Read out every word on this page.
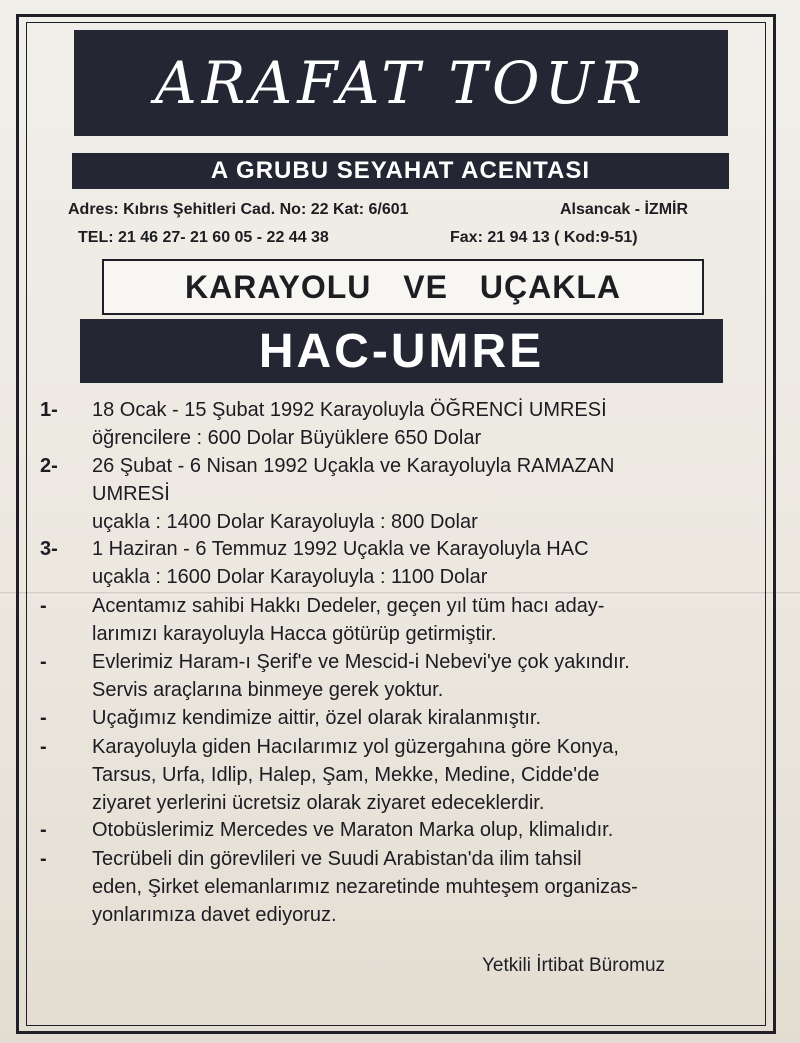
ARAFAT TOUR
A GRUBU SEYAHAT ACENTASI
Adres: Kıbrıs Şehitleri Cad. No: 22 Kat: 6/601	Alsancak - İZMİR
TEL: 21 46 27- 21 60 05 - 22 44 38	Fax: 21 94 13 ( Kod:9-51)
KARAYOLU VE UÇAKLA
HAC-UMRE
1- 18 Ocak - 15 Şubat 1992 Karayoluyla ÖĞRENCİ UMRESİ
öğrencilere : 600 Dolar Büyüklere 650 Dolar
2- 26 Şubat - 6 Nisan 1992 Uçakla ve Karayoluyla RAMAZAN
UMRESİ
uçakla : 1400 Dolar Karayoluyla : 800 Dolar
3- 1 Haziran - 6 Temmuz 1992 Uçakla ve Karayoluyla HAC
uçakla : 1600 Dolar Karayoluyla : 1100 Dolar
- Acentamız sahibi Hakkı Dedeler, geçen yıl tüm hacı aday-
larımızı karayoluyla Hacca götürüp getirmiştir.
- Evlerimiz Haram-ı Şerif'e ve Mescid-i Nebevi'ye çok yakındır.
Servis araçlarına binmeye gerek yoktur.
- Uçağımız kendimize aittir, özel olarak kiralanmıştır.
- Karayoluyla giden Hacılarımız yol güzergahına göre Konya,
Tarsus, Urfa, Idlip, Halep, Şam, Mekke, Medine, Cidde'de
ziyaret yerlerini ücretsiz olarak ziyaret edeceklerdir.
- Otobüslerimiz Mercedes ve Maraton Marka olup, klimalıdır.
- Tecrübeli din görevlileri ve Suudi Arabistan'da ilim tahsil
eden, Şirket elemanlarımız nezaretinde muhteşem organizas-
yonlarımıza davet ediyoruz.
Yetkili İrtibat Büromuz
